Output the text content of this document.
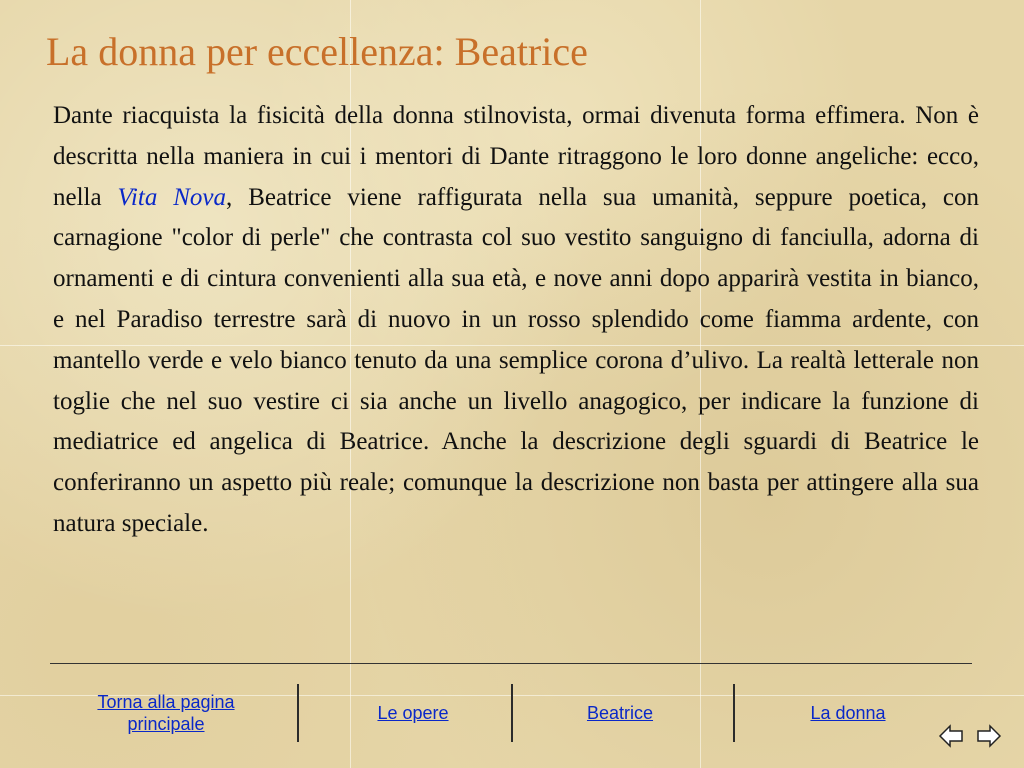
La donna per eccellenza: Beatrice
Dante riacquista la fisicità della donna stilnovista, ormai divenuta forma effimera. Non è descritta nella maniera in cui i mentori di Dante ritraggono le loro donne angeliche: ecco, nella Vita Nova, Beatrice viene raffigurata nella sua umanità, seppure poetica, con carnagione "color di perle" che contrasta col suo vestito sanguigno di fanciulla, adorna di ornamenti e di cintura convenienti alla sua età, e nove anni dopo apparirà vestita in bianco, e nel Paradiso terrestre sarà di nuovo in un rosso splendido come fiamma ardente, con mantello verde e velo bianco tenuto da una semplice corona d’ulivo. La realtà letterale non toglie che nel suo vestire ci sia anche un livello anagogico, per indicare la funzione di mediatrice ed angelica di Beatrice. Anche la descrizione degli sguardi di Beatrice le conferiranno un aspetto più reale; comunque la descrizione non basta per attingere alla sua natura speciale.
Torna alla pagina
principale
Le opere	Beatrice	La donna
